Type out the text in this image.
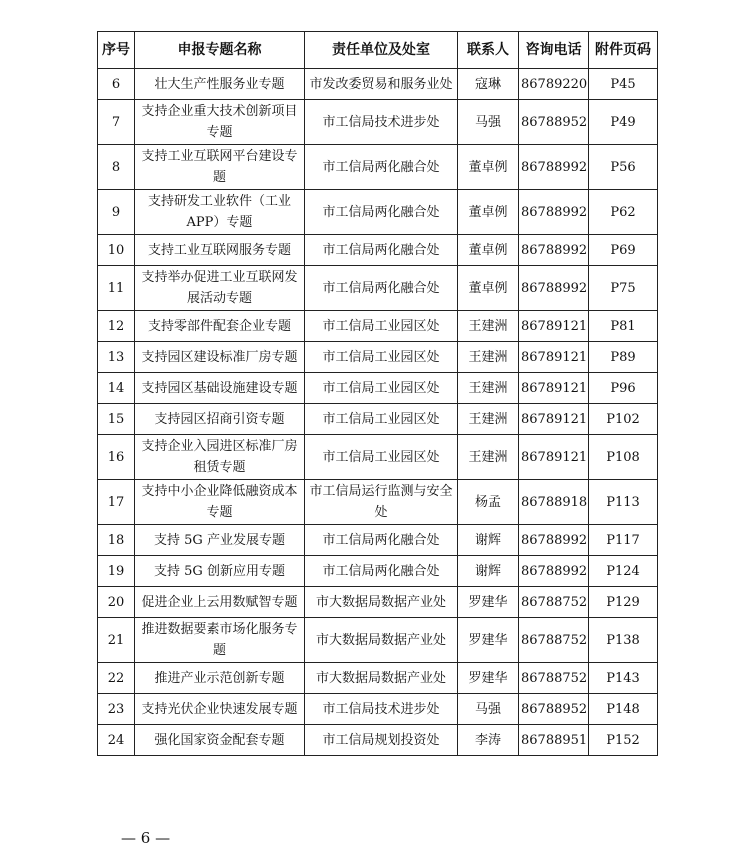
序号	申报专题名称	责任单位及处室	联系人	咨询电话	附件页码
6	壮大生产性服务业专题	市发改委贸易和服务业处	寇琳	86789220	P45
7	支持企业重大技术创新项目专题	市工信局技术进步处	马强	86788952	P49
8	支持工业互联网平台建设专题	市工信局两化融合处	董卓例	86788992	P56
9	支持研发工业软件（工业APP）专题	市工信局两化融合处	董卓例	86788992	P62
10	支持工业互联网服务专题	市工信局两化融合处	董卓例	86788992	P69
11	支持举办促进工业互联网发展活动专题	市工信局两化融合处	董卓例	86788992	P75
12	支持零部件配套企业专题	市工信局工业园区处	王建洲	86789121	P81
13	支持园区建设标准厂房专题	市工信局工业园区处	王建洲	86789121	P89
14	支持园区基础设施建设专题	市工信局工业园区处	王建洲	86789121	P96
15	支持园区招商引资专题	市工信局工业园区处	王建洲	86789121	P102
16	支持企业入园进区标准厂房租赁专题	市工信局工业园区处	王建洲	86789121	P108
17	支持中小企业降低融资成本专题	市工信局运行监测与安全处	杨孟	86788918	P113
18	支持 5G 产业发展专题	市工信局两化融合处	谢辉	86788992	P117
19	支持 5G 创新应用专题	市工信局两化融合处	谢辉	86788992	P124
20	促进企业上云用数赋智专题	市大数据局数据产业处	罗建华	86788752	P129
21	推进数据要素市场化服务专题	市大数据局数据产业处	罗建华	86788752	P138
22	推进产业示范创新专题	市大数据局数据产业处	罗建华	86788752	P143
23	支持光伏企业快速发展专题	市工信局技术进步处	马强	86788952	P148
24	强化国家资金配套专题	市工信局规划投资处	李涛	86788951	P152
— 6 —
